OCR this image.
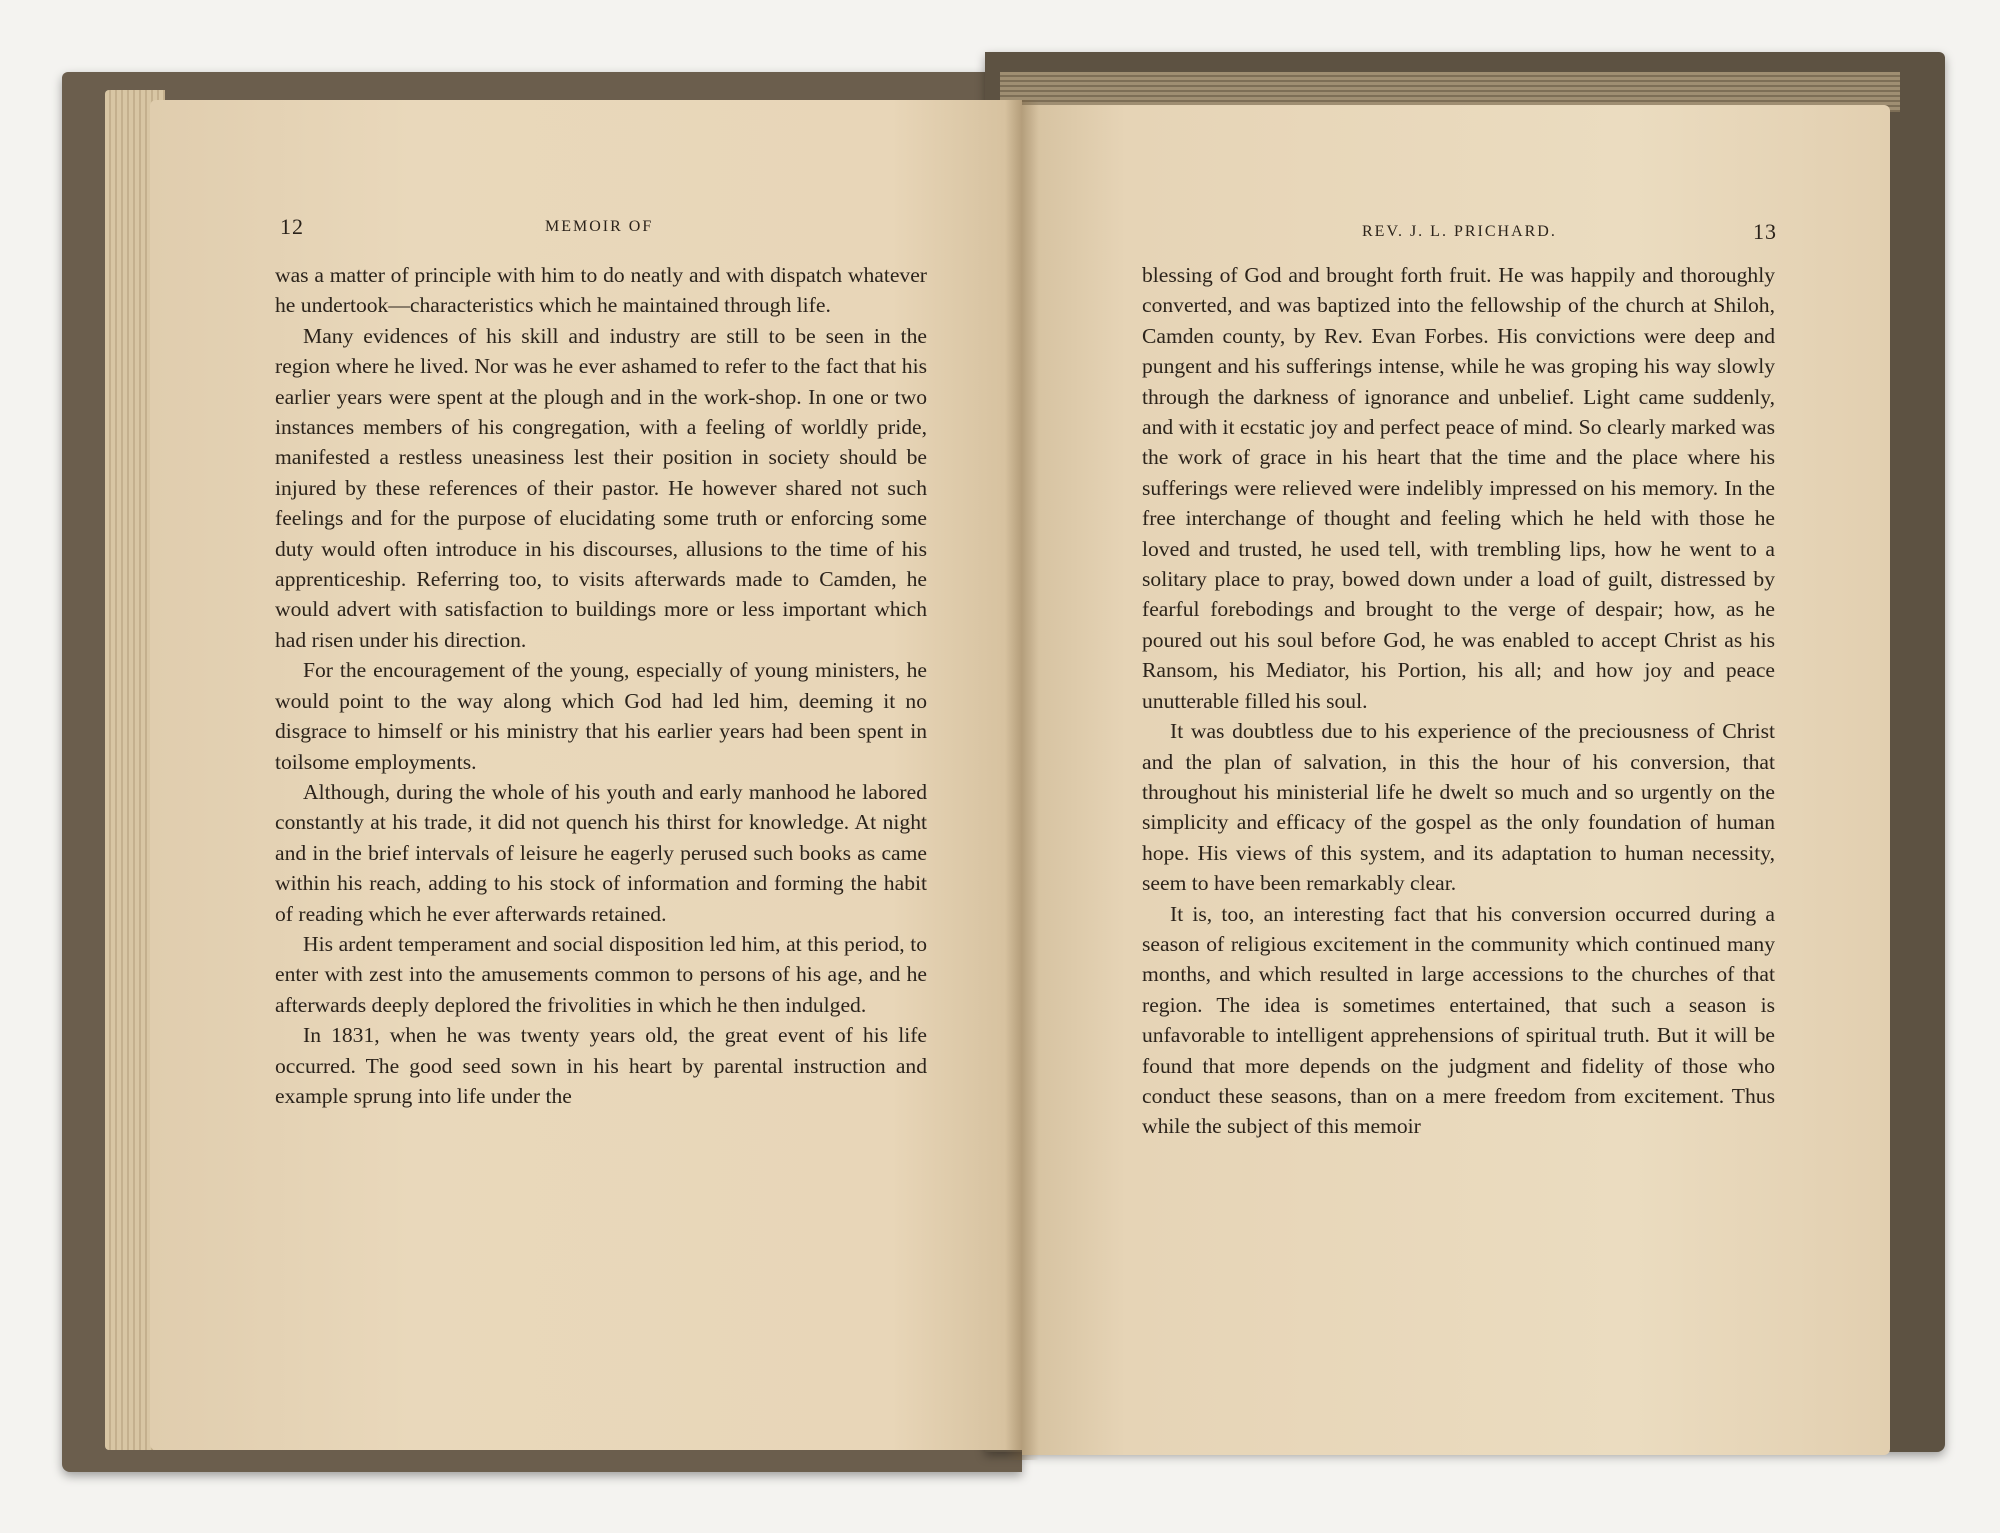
12	MEMOIR OF

was a matter of principle with him to do neatly and with dispatch whatever he undertook—characteristics which he maintained through life.

Many evidences of his skill and industry are still to be seen in the region where he lived. Nor was he ever ashamed to refer to the fact that his earlier years were spent at the plough and in the work-shop. In one or two instances members of his congregation, with a feeling of worldly pride, manifested a restless uneasiness lest their position in society should be injured by these references of their pastor. He however shared not such feelings and for the purpose of elucidating some truth or enforcing some duty would often introduce in his discourses, allusions to the time of his apprenticeship. Referring too, to visits afterwards made to Camden, he would advert with satisfaction to buildings more or less important which had risen under his direction.

For the encouragement of the young, especially of young ministers, he would point to the way along which God had led him, deeming it no disgrace to himself or his ministry that his earlier years had been spent in toilsome employments.

Although, during the whole of his youth and early manhood he labored constantly at his trade, it did not quench his thirst for knowledge. At night and in the brief intervals of leisure he eagerly perused such books as came within his reach, adding to his stock of information and forming the habit of reading which he ever afterwards retained.

His ardent temperament and social disposition led him, at this period, to enter with zest into the amusements common to persons of his age, and he afterwards deeply deplored the frivolities in which he then indulged.

In 1831, when he was twenty years old, the great event of his life occurred. The good seed sown in his heart by parental instruction and example sprung into life under the

REV. J. L. PRICHARD.	13

blessing of God and brought forth fruit. He was happily and thoroughly converted, and was baptized into the fellowship of the church at Shiloh, Camden county, by Rev. Evan Forbes. His convictions were deep and pungent and his sufferings intense, while he was groping his way slowly through the darkness of ignorance and unbelief. Light came suddenly, and with it ecstatic joy and perfect peace of mind. So clearly marked was the work of grace in his heart that the time and the place where his sufferings were relieved were indelibly impressed on his memory. In the free interchange of thought and feeling which he held with those he loved and trusted, he used tell, with trembling lips, how he went to a solitary place to pray, bowed down under a load of guilt, distressed by fearful forebodings and brought to the verge of despair; how, as he poured out his soul before God, he was enabled to accept Christ as his Ransom, his Mediator, his Portion, his all; and how joy and peace unutterable filled his soul.

It was doubtless due to his experience of the preciousness of Christ and the plan of salvation, in this the hour of his conversion, that throughout his ministerial life he dwelt so much and so urgently on the simplicity and efficacy of the gospel as the only foundation of human hope. His views of this system, and its adaptation to human necessity, seem to have been remarkably clear.

It is, too, an interesting fact that his conversion occurred during a season of religious excitement in the community which continued many months, and which resulted in large accessions to the churches of that region. The idea is sometimes entertained, that such a season is unfavorable to intelligent apprehensions of spiritual truth. But it will be found that more depends on the judgment and fidelity of those who conduct these seasons, than on a mere freedom from excitement. Thus while the subject of this memoir
